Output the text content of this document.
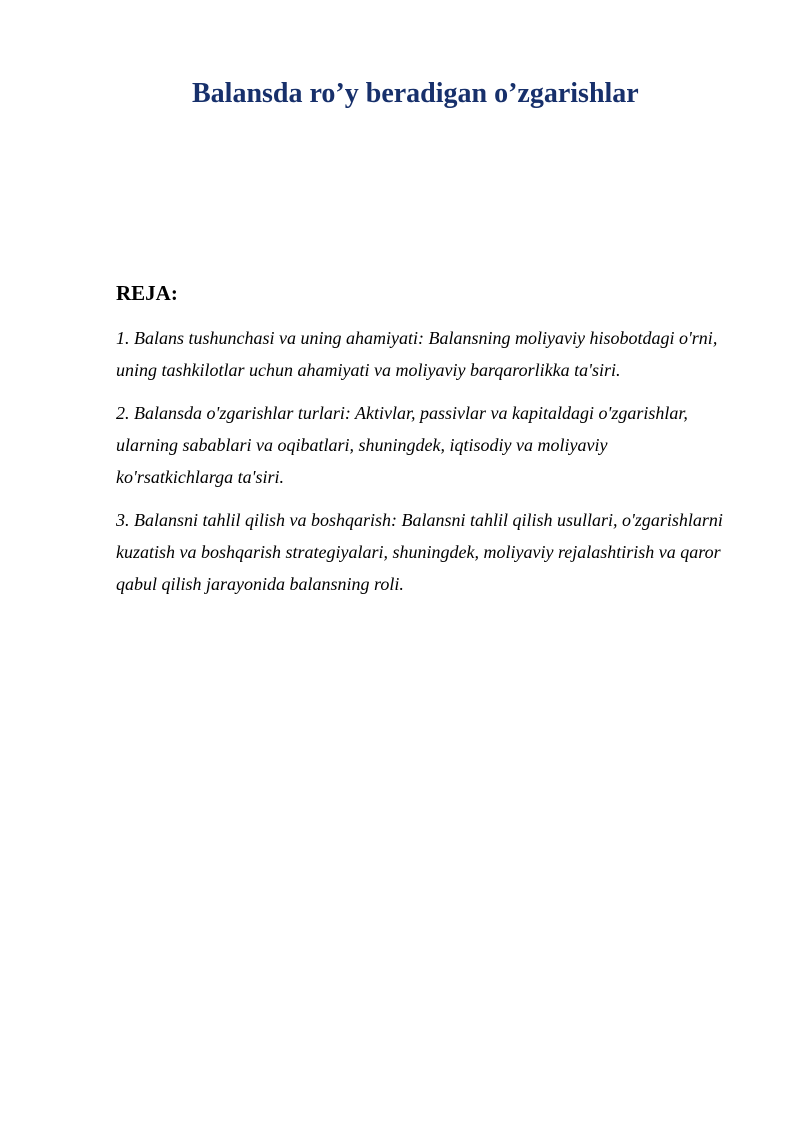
Balansda ro’y beradigan o’zgarishlar
REJA:
1. Balans tushunchasi va uning ahamiyati: Balansning moliyaviy hisobotdagi o'rni, uning tashkilotlar uchun ahamiyati va moliyaviy barqarorlikka ta'siri.
2. Balansda o'zgarishlar turlari: Aktivlar, passivlar va kapitaldagi o'zgarishlar, ularning sabablari va oqibatlari, shuningdek, iqtisodiy va moliyaviy ko'rsatkichlarga ta'siri.
3. Balansni tahlil qilish va boshqarish: Balansni tahlil qilish usullari, o'zgarishlarni kuzatish va boshqarish strategiyalari, shuningdek, moliyaviy rejalashtirish va qaror qabul qilish jarayonida balansning roli.
